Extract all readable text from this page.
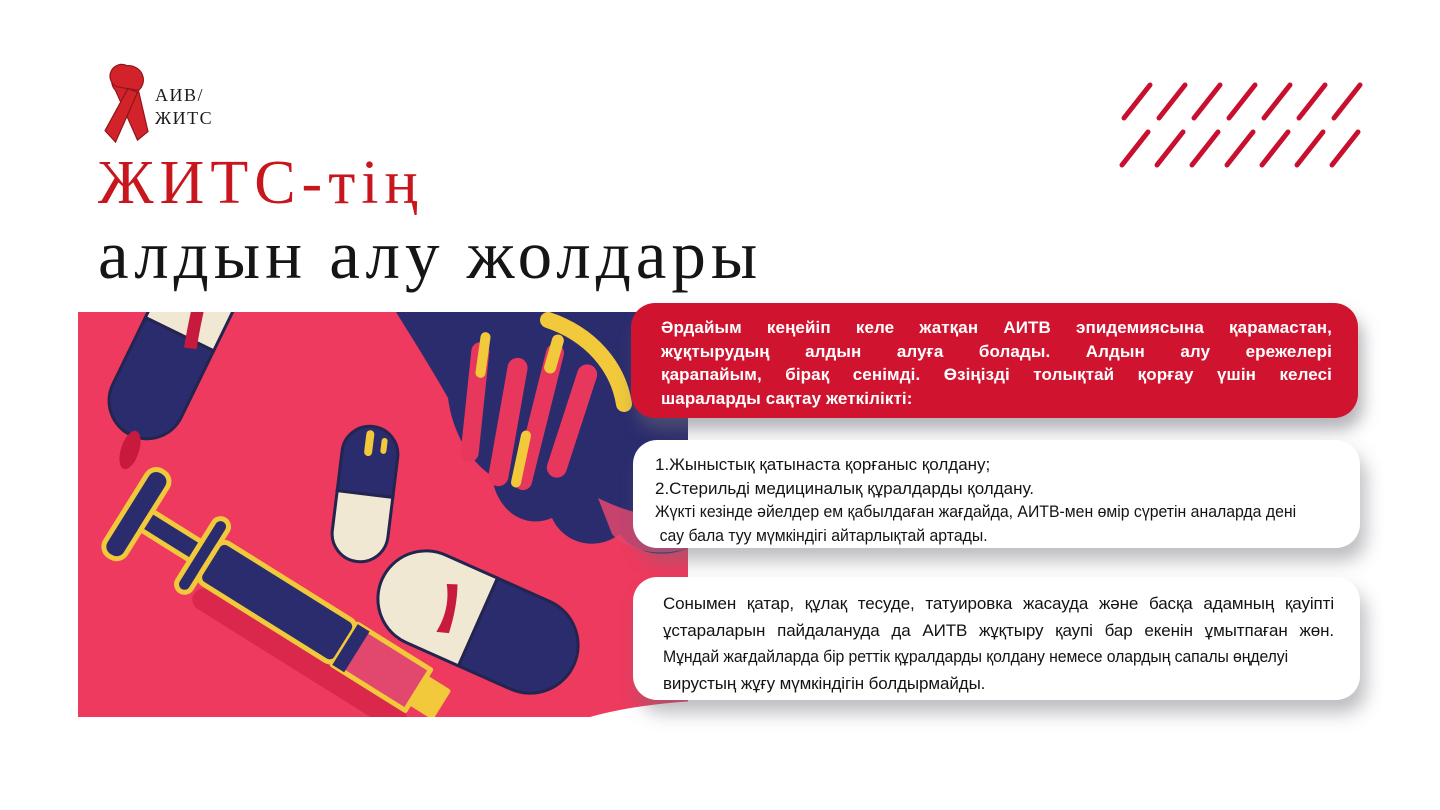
АИВ/
ЖИТС
ЖИТС-тің
алдын алу жолдары
Әрдайым кеңейіп келе жатқан АИТВ эпидемиясына қарамастан,
жұқтырудың алдын алуға болады. Алдын алу ережелері
қарапайым, бірақ сенімді. Өзіңізді толықтай қорғау үшін келесі
шараларды сақтау жеткілікті:
1.Жыныстық қатынаста қорғаныс қолдану;
2.Стерильді медициналық құралдарды қолдану.
Жүкті кезінде әйелдер ем қабылдаған жағдайда, АИТВ-мен өмір сүретін аналарда дені
сау бала туу мүмкіндігі айтарлықтай артады.
Сонымен қатар, құлақ тесуде, татуировка жасауда және басқа адамның қауіпті
ұстараларын пайдалануда да АИТВ жұқтыру қаупі бар екенін ұмытпаған жөн.
Мұндай жағдайларда бір реттік құралдарды қолдану немесе олардың сапалы өңделуі
вирустың жұғу мүмкіндігін болдырмайды.
